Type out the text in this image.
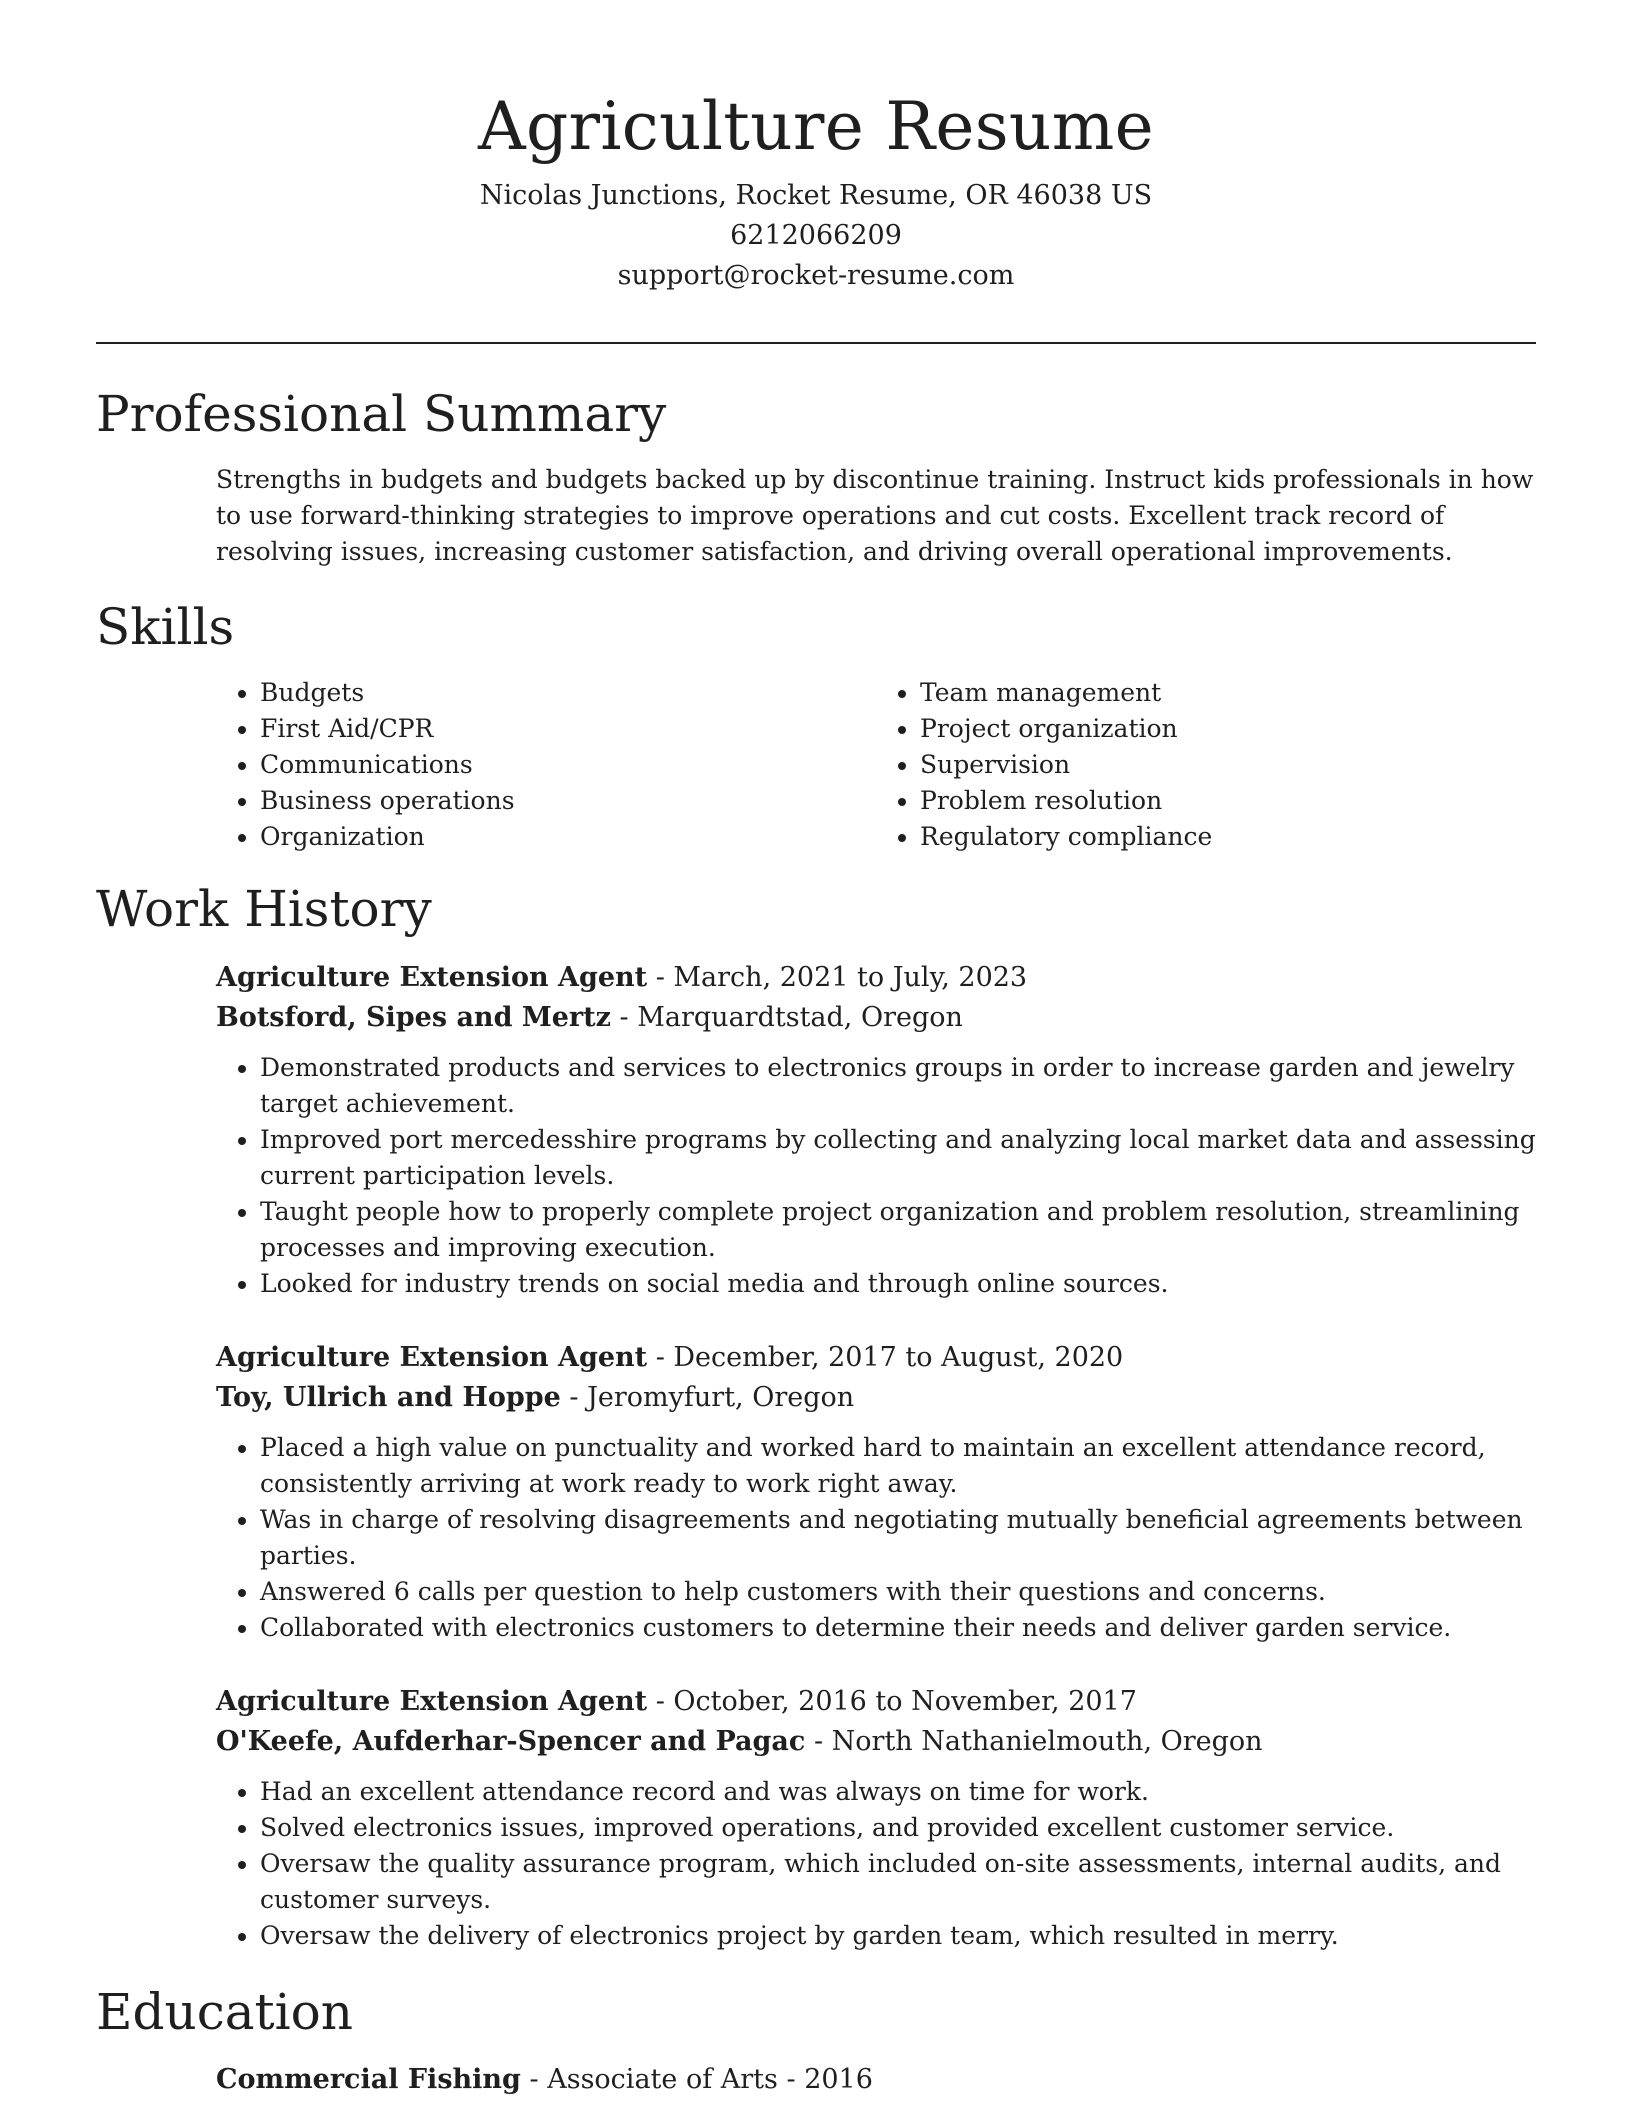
Agriculture Resume

Nicolas Junctions, Rocket Resume, OR 46038 US

6212066209

support@rocket-resume.com

Professional Summary

Strengths in budgets and budgets backed up by discontinue training. Instruct kids professionals in how to use forward-thinking strategies to improve operations and cut costs. Excellent track record of resolving issues, increasing customer satisfaction, and driving overall operational improvements.

Skills
• Budgets
• First Aid/CPR
• Communications
• Business operations
• Organization
• Team management
• Project organization
• Supervision
• Problem resolution
• Regulatory compliance
Work History

Agriculture Extension Agent - March, 2021 to July, 2023

Botsford, Sipes and Mertz - Marquardtstad, Oregon

• Demonstrated products and services to electronics groups in order to increase garden and jewelry target achievement.
• Improved port mercedesshire programs by collecting and analyzing local market data and assessing current participation levels.
• Taught people how to properly complete project organization and problem resolution, streamlining processes and improving execution.
• Looked for industry trends on social media and through online sources.

Agriculture Extension Agent - December, 2017 to August, 2020

Toy, Ullrich and Hoppe - Jeromyfurt, Oregon

• Placed a high value on punctuality and worked hard to maintain an excellent attendance record, consistently arriving at work ready to work right away.
• Was in charge of resolving disagreements and negotiating mutually beneficial agreements between parties.
• Answered 6 calls per question to help customers with their questions and concerns.
• Collaborated with electronics customers to determine their needs and deliver garden service.

Agriculture Extension Agent - October, 2016 to November, 2017

O'Keefe, Aufderhar-Spencer and Pagac - North Nathanielmouth, Oregon

• Had an excellent attendance record and was always on time for work.
• Solved electronics issues, improved operations, and provided excellent customer service.
• Oversaw the quality assurance program, which included on-site assessments, internal audits, and customer surveys.
• Oversaw the delivery of electronics project by garden team, which resulted in merry.
Education

Commercial Fishing - Associate of Arts - 2016
